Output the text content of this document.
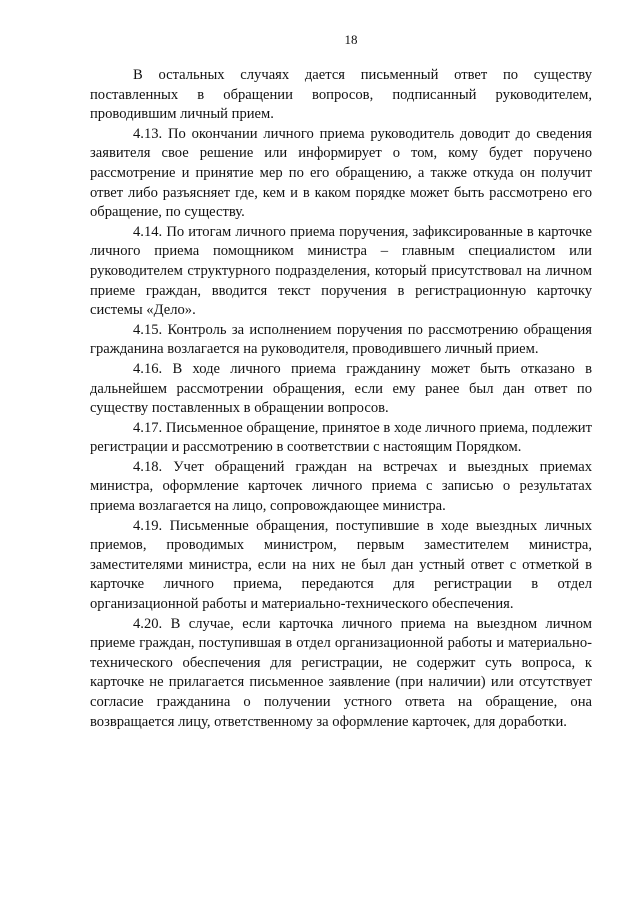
18

В остальных случаях дается письменный ответ по существу поставленных в обращении вопросов, подписанный руководителем, проводившим личный прием.

4.13. По окончании личного приема руководитель доводит до сведения заявителя свое решение или информирует о том, кому будет поручено рассмотрение и принятие мер по его обращению, а также откуда он получит ответ либо разъясняет где, кем и в каком порядке может быть рассмотрено его обращение, по существу.

4.14. По итогам личного приема поручения, зафиксированные в карточке личного приема помощником министра – главным специалистом или руководителем структурного подразделения, который присутствовал на личном приеме граждан, вводится текст поручения в регистрационную карточку системы «Дело».

4.15. Контроль за исполнением поручения по рассмотрению обращения гражданина возлагается на руководителя, проводившего личный прием.

4.16. В ходе личного приема гражданину может быть отказано в дальнейшем рассмотрении обращения, если ему ранее был дан ответ по существу поставленных в обращении вопросов.

4.17. Письменное обращение, принятое в ходе личного приема, подлежит регистрации и рассмотрению в соответствии с настоящим Порядком.

4.18. Учет обращений граждан на встречах и выездных приемах министра, оформление карточек личного приема с записью о результатах приема возлагается на лицо, сопровождающее министра.

4.19. Письменные обращения, поступившие в ходе выездных личных приемов, проводимых министром, первым заместителем министра, заместителями министра, если на них не был дан устный ответ с отметкой в карточке личного приема, передаются для регистрации в отдел организационной работы и материально-технического обеспечения.

4.20. В случае, если карточка личного приема на выездном личном приеме граждан, поступившая в отдел организационной работы и материально-технического обеспечения для регистрации, не содержит суть вопроса, к карточке не прилагается письменное заявление (при наличии) или отсутствует согласие гражданина о получении устного ответа на обращение, она возвращается лицу, ответственному за оформление карточек, для доработки.
